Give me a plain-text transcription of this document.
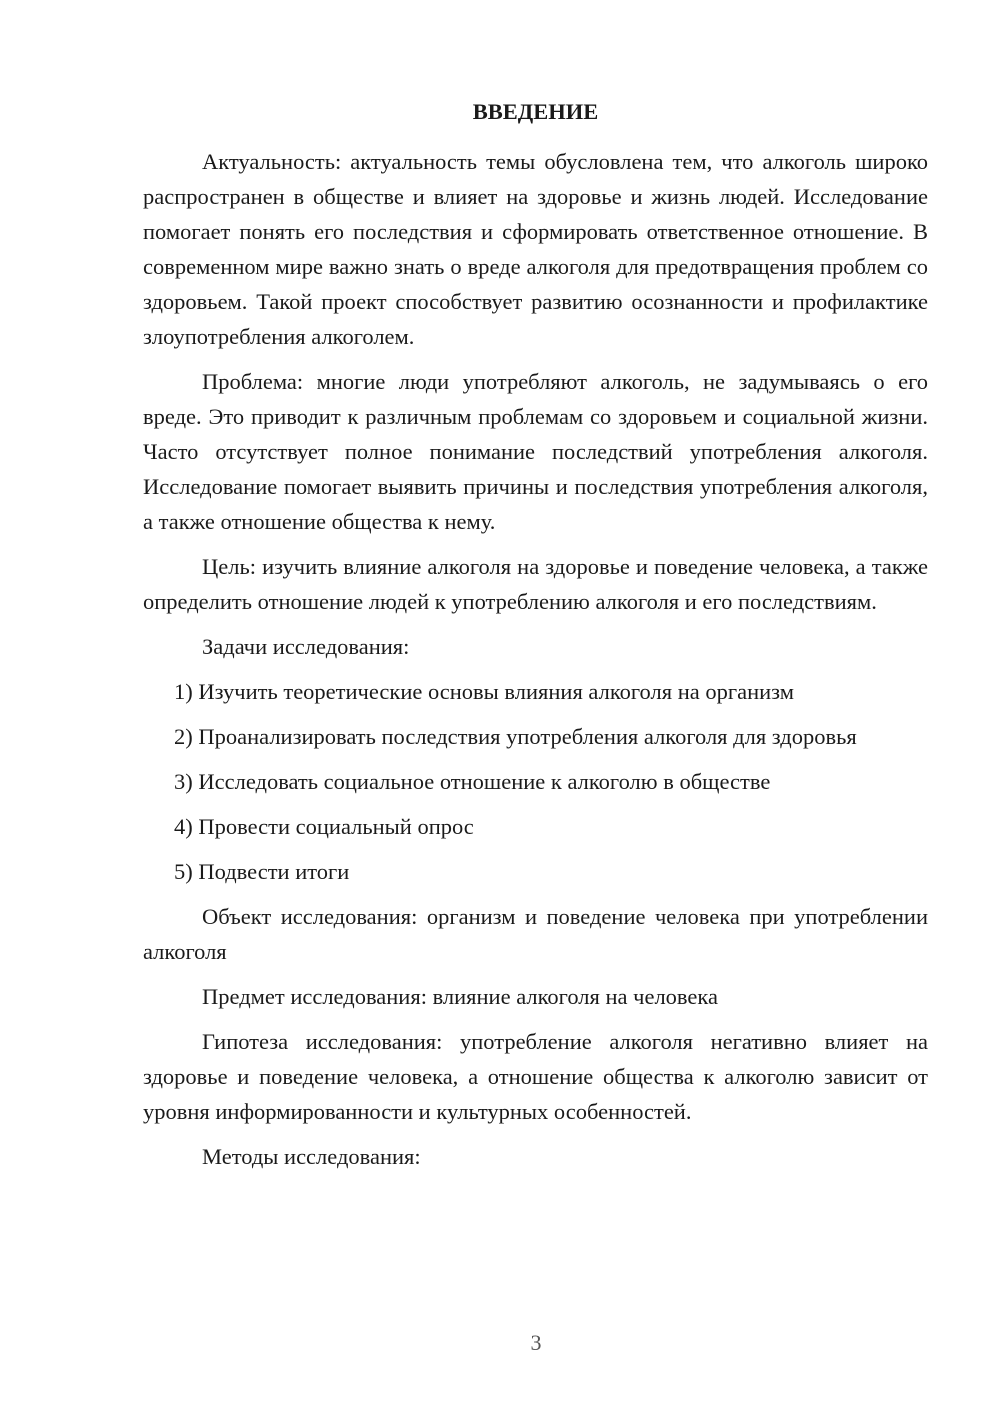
ВВЕДЕНИЕ

Актуальность: актуальность темы обусловлена тем, что алкоголь широко распространен в обществе и влияет на здоровье и жизнь людей. Исследование помогает понять его последствия и сформировать ответственное отношение. В современном мире важно знать о вреде алкоголя для предотвращения проблем со здоровьем. Такой проект способствует развитию осознанности и профилактике злоупотребления алкоголем.

Проблема: многие люди употребляют алкоголь, не задумываясь о его вреде. Это приводит к различным проблемам со здоровьем и социальной жизни. Часто отсутствует полное понимание последствий употребления алкоголя. Исследование помогает выявить причины и последствия употребления алкоголя, а также отношение общества к нему.

Цель: изучить влияние алкоголя на здоровье и поведение человека, а также определить отношение людей к употреблению алкоголя и его последствиям.

Задачи исследования:

1) Изучить теоретические основы влияния алкоголя на организм

2) Проанализировать последствия употребления алкоголя для здоровья

3) Исследовать социальное отношение к алкоголю в обществе

4) Провести социальный опрос

5) Подвести итоги

Объект исследования: организм и поведение человека при употреблении алкоголя

Предмет исследования: влияние алкоголя на человека

Гипотеза исследования: употребление алкоголя негативно влияет на здоровье и поведение человека, а отношение общества к алкоголю зависит от уровня информированности и культурных особенностей.

Методы исследования:

3
